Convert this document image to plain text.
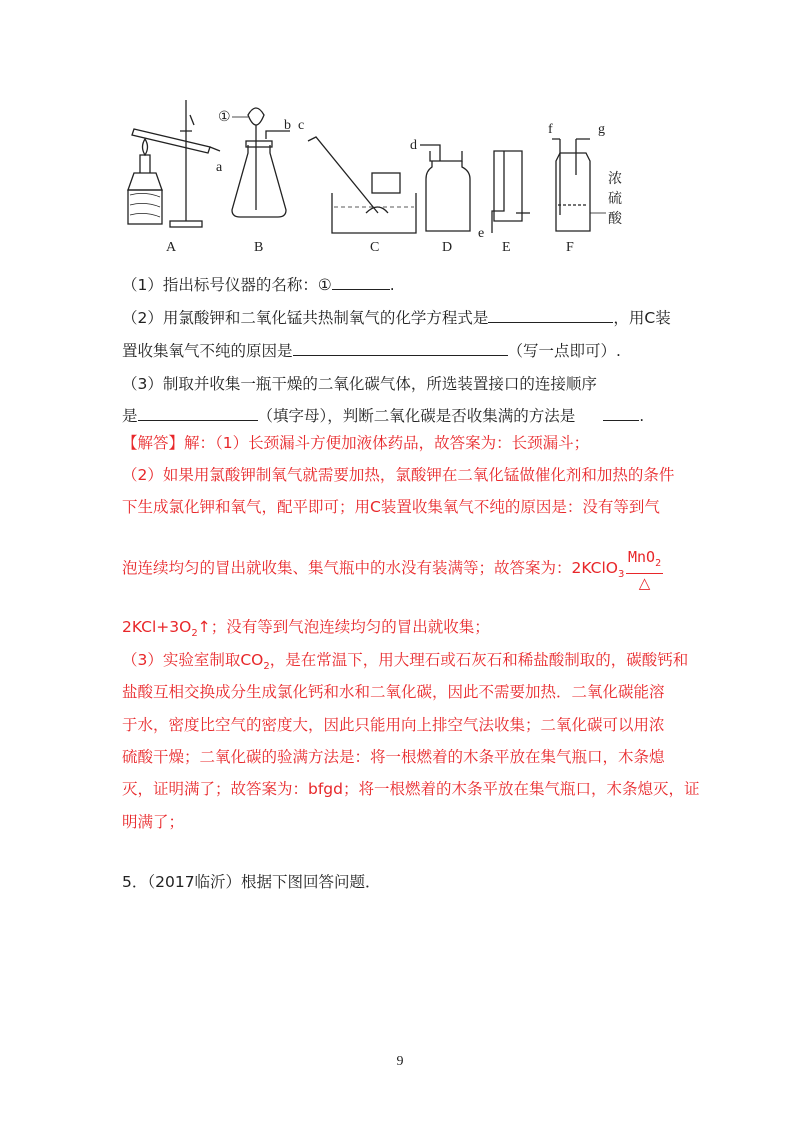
A	B	C	D	E	F
①
a
b c
d
e
f	g
浓
硫
酸
（1）指出标号仪器的名称：①	.
（2）用氯酸钾和二氧化锰共热制氧气的化学方程式是	，用C装
置收集氧气不纯的原因是	（写一点即可）.
（3）制取并收集一瓶干燥的二氧化碳气体，所选装置接口的连接顺序
是	（填字母），判断二氧化碳是否收集满的方法是	.
【解答】解：（1）长颈漏斗方便加液体药品，故答案为：长颈漏斗；
（2）如果用氯酸钾制氧气就需要加热，氯酸钾在二氧化锰做催化剂和加热的条件
下生成氯化钾和氧气，配平即可；用C装置收集氧气不纯的原因是：没有等到气
泡连续均匀的冒出就收集、集气瓶中的水没有装满等；故答案为：2KClO$_3$
MnO$_2$
△
$2KCl+3O_2↑$；没有等到气泡连续均匀的冒出就收集；
（3）实验室制取$CO_2$，是在常温下，用大理石或石灰石和稀盐酸制取的，碳酸钙和
盐酸互相交换成分生成氯化钙和水和二氧化碳，因此不需要加热．二氧化碳能溶
于水，密度比空气的密度大，因此只能用向上排空气法收集；二氧化碳可以用浓
硫酸干燥；二氧化碳的验满方法是：将一根燃着的木条平放在集气瓶口，木条熄
灭，证明满了；故答案为：bfgd；将一根燃着的木条平放在集气瓶口，木条熄灭，证
明满了；
5．（2017临沂）根据下图回答问题．
9
